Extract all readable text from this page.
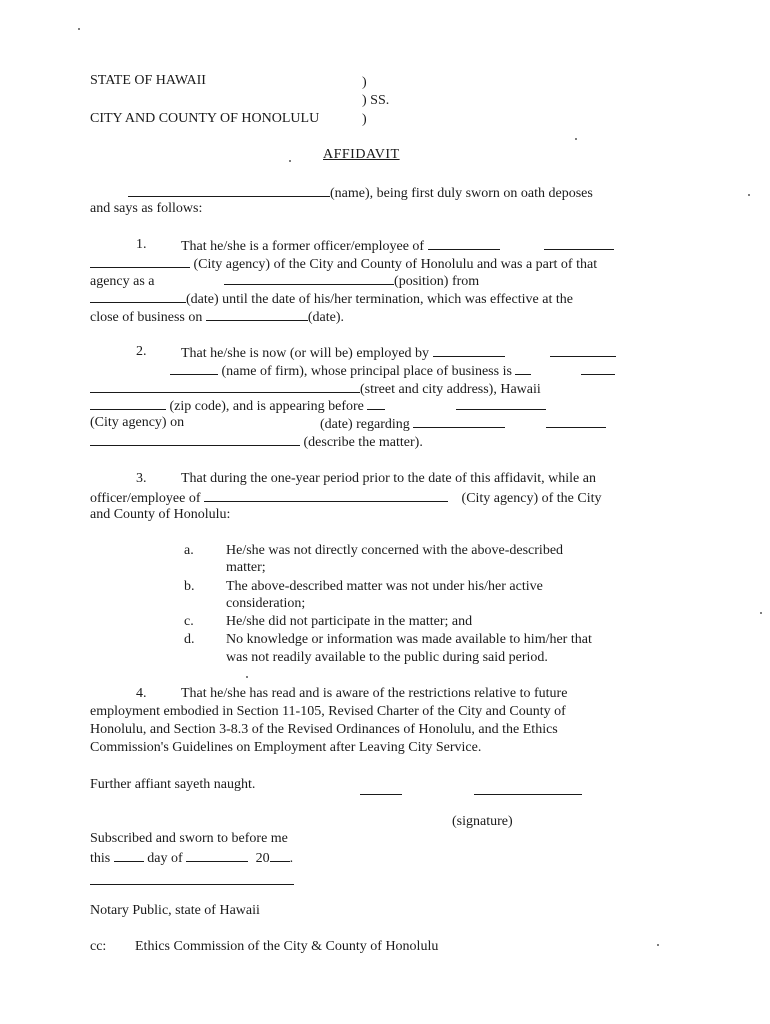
STATE OF HAWAII	)
) SS.
CITY AND COUNTY OF HONOLULU	)
AFFIDAVIT
(name), being first duly sworn on oath deposes
and says as follows:
1. That he/she is a former officer/employee of
(City agency) of the City and County of Honolulu and was a part of that
agency as a	(position) from
(date) until the date of his/her termination, which was effective at the
close of business on	(date).
2. That he/she is now (or will be) employed by
(name of firm), whose principal place of business is
(street and city address), Hawaii
(zip code), and is appearing before
(City agency) on	(date) regarding
(describe the matter).
3. That during the one-year period prior to the date of this affidavit, while an
officer/employee of	(City agency) of the City
and County of Honolulu:
a. He/she was not directly concerned with the above-described
matter;
b. The above-described matter was not under his/her active
consideration;
c. He/she did not participate in the matter; and
d. No knowledge or information was made available to him/her that
was not readily available to the public during said period.
4. That he/she has read and is aware of the restrictions relative to future
employment embodied in Section 11-105, Revised Charter of the City and County of
Honolulu, and Section 3-8.3 of the Revised Ordinances of Honolulu, and the Ethics
Commission's Guidelines on Employment after Leaving City Service.
Further affiant sayeth naught.
(signature)
Subscribed and sworn to before me
this	day of	20 .
Notary Public, state of Hawaii
cc: Ethics Commission of the City & County of Honolulu
